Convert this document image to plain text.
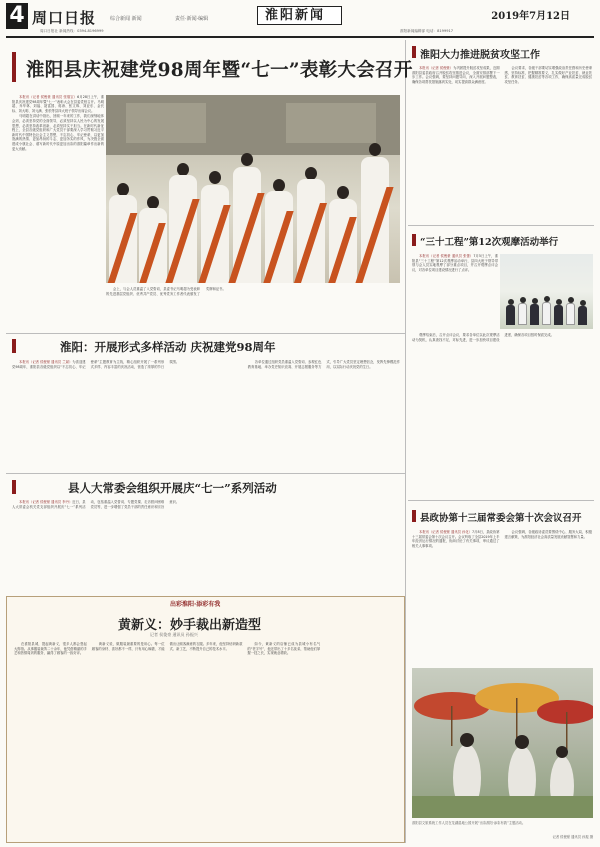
4 周口日报	综合新闻 新闻	责任·新闻·编辑	淮阳新闻	2019年7月12日
周口日报社 新闻热线：0394-8196999	淮阳新闻编辑部 电话：8199917
淮阳县庆祝建党98周年暨“七一”表彰大会召开

本报讯（记者 侯俊豪 通讯员 张瑞宝）6月28日上午，淮阳县庆祝建党98周年暨“七一”表彰大会在县委党校召开。马明超、乔华林、刘福、聂富国、蒋涛、张文珠、刘亚东、金长标、刘大明、刘元满、张松等县四大班子领导出席会议。

马明超在讲话中指出，回顾一年来的工作，我们深刻地体会到，必须坚持党的全面领导，必须坚持以人民为中心的发展思想，必须坚持改革创新，必须坚持实干担当。在新时代新征程上，全县各级党组织和广大党员干部要深入学习贯彻习近平新时代中国特色社会主义思想，不忘初心、牢记使命，以更加饱满的热情、更加昂扬的斗志、更加务实的作风，为决胜全面建成小康社会、谱写新时代中原更加出彩的淮阳篇章作出新的更大贡献。

会上，与会人员重温了入党誓词，县委书记马明超为受表彰的先进基层党组织、优秀共产党员、优秀党务工作者代表颁发了奖牌和证书。

淮阳大力推进脱贫攻坚工作

本报讯（记者 侯俊豪）为巩固提升脱贫攻坚成果，近期淮阳县委县政府召开脱贫攻坚推进会议，全面安排部署下一步工作。会议强调，要坚持问题导向，深入开展问题整改，确保各项帮扶措施落到实处，切实提高群众满意度。

会议要求，各级干部要切实增强政治责任感和历史使命感，坚持标准，把握精准要义，扎实做好产业扶贫、就业扶贫、教育扶贫、健康扶贫等各项工作，确保高质量完成脱贫攻坚任务。

“三十工程”第12次观摩活动举行

本报讯（记者 侯俊豪 通讯员 张蕾）7月5日上午，淮阳县“三十工程”第12次观摩活动举行，县四大班子领导带领与会人员实地观摩了部分重点项目，并召开观摩点评会议，对各单位项目建设情况进行了点评。

观摩结束后，召开点评会议，要求各单位以此次观摩活动为契机，认真查找不足，对标先进，进一步加快项目建设进度，确保各项目按时保质完成。

县政协第十三届常委会第十次会议召开

本报讯（记者 侯俊豪 通讯员 孙化）7月8日，县政协第十三届常委会第十次会议召开。会议听取了全县2019年上半年经济运行情况的通报，协商讨论了有关事项，审议通过了相关人事事项。

会议强调，各级政协委员要围绕中心、服务大局，积极建言献策，为淮阳经济社会高质量发展贡献智慧和力量。

淮阳县文旅系统工作人员在龙湖湿地公园开展“出彩淮阳·添彩有我”主题活动。
记者 侯俊豪 通讯员 孙振 摄
淮阳：开展形式多样活动 庆祝建党98周年

本报讯（记者 侯俊豪 通讯员 兰斌）为喜迎建党98周年，淮阳县各级党组织以“不忘初心、牢记使命”主题教育为主线，精心组织开展了一系列形式多样、内容丰富的庆祝活动，营造了浓厚的节日氛围。	各单位通过组织党员重温入党誓词、参观红色教育基地、举办党史知识竞赛、开展志愿服务等方式，引导广大党员坚定理想信念，发挥先锋模范作用，以实际行动庆祝党的生日。

县人大常委会组织开展庆“七一”系列活动

本报讯（记者 侯俊豪 通讯员 李丹）近日，县人大常委会机关党支部组织开展庆“七一”系列活动，包括重温入党誓词、专题党课、走访慰问困难党员等，进一步增强了党员干部的责任意识和宗旨意识。

出彩淮阳·添彩有我
黄新义：妙手裁出新造型
记者 侯俊豪 通讯员 孙振兴

在淮阳县城，提起黄新义，很多人都会竖起大拇指。从事服装裁剪二十余年，他凭借精湛的手艺和热情周到的服务，赢得了顾客的一致好评。

黄新义说，做服装最重要的是用心。每一位顾客的身材、喜好都不一样，只有用心琢磨，才能做出让顾客满意的衣服。多年来，他坚持钻研新款式、新工艺，不断提升自己的技术水平。

如今，黄新义的店铺已成为县城小有名气的“老字号”，他还带出了十多名徒弟，帮助他们掌握一技之长，实现就业增收。
